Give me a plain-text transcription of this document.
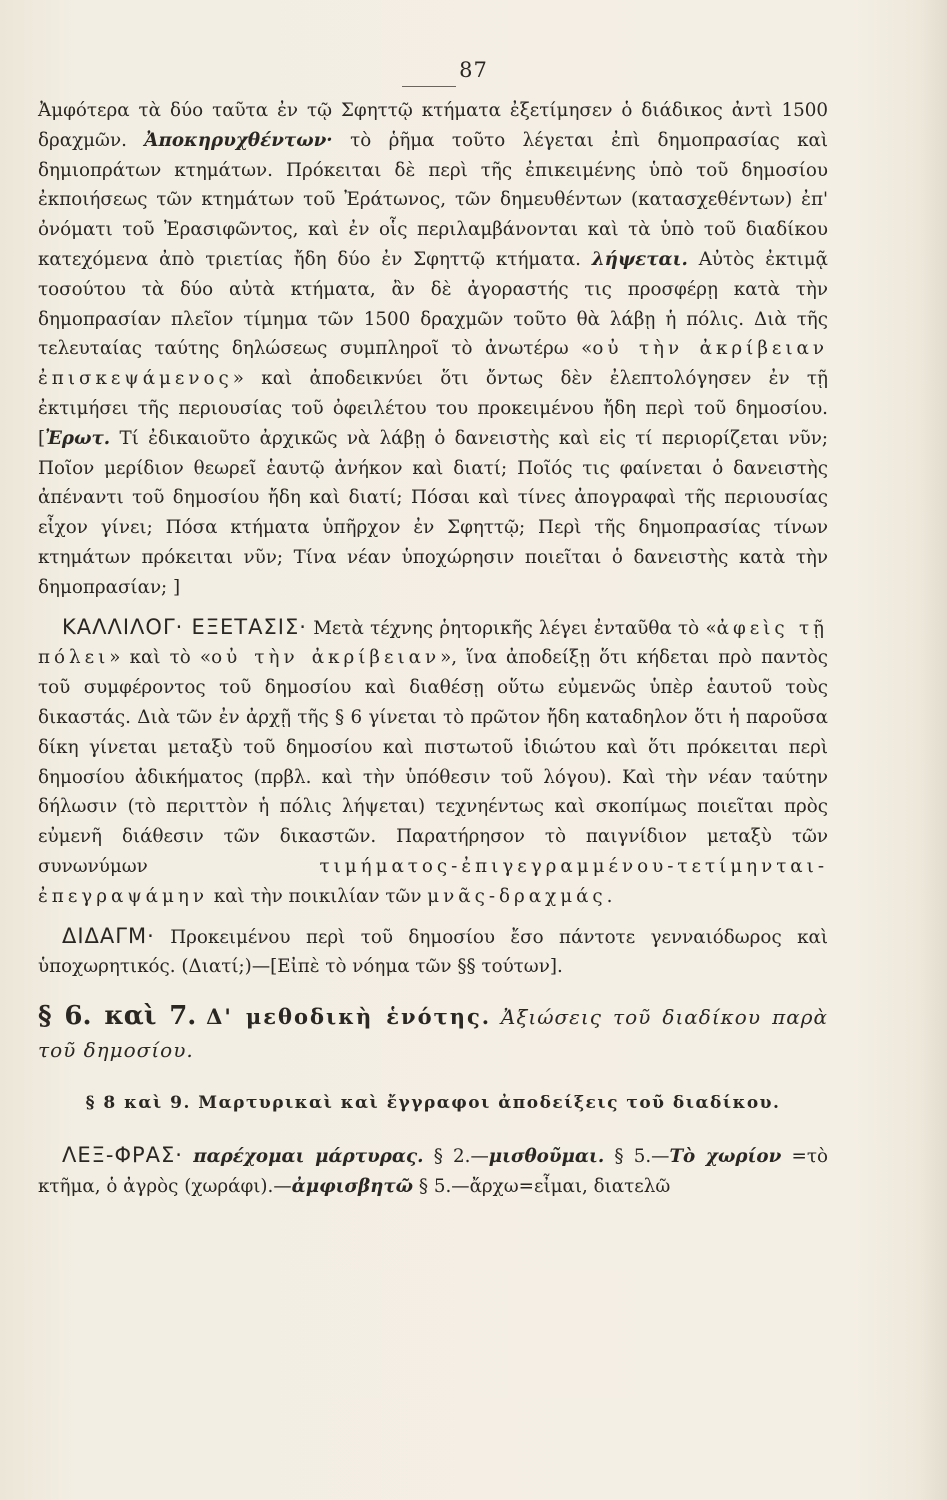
87

Ἀμφότερα τὰ δύο ταῦτα ἐν τῷ Σφηττῷ κτήματα ἐξετίμησεν ὁ διάδικος ἀντὶ 1500 δραχμῶν. Ἀποκηρυχθέντων· τὸ ῥῆμα τοῦτο λέγεται ἐπὶ δημοπρασίας καὶ δημιοπράτων κτημάτων. Πρόκειται δὲ περὶ τῆς ἐπικειμένης ὑπὸ τοῦ δημοσίου ἐκποιήσεως τῶν κτημάτων τοῦ Ἐράτωνος, τῶν δημευθέντων (κατασχεθέντων) ἐπ' ὀνόματι τοῦ Ἐρασιφῶντος, καὶ ἐν οἷς περιλαμβάνονται καὶ τὰ ὑπὸ τοῦ διαδίκου κατεχόμενα ἀπὸ τριετίας ἤδη δύο ἐν Σφηττῷ κτήματα. λήψεται. Αὐτὸς ἐκτιμᾷ τοσούτου τὰ δύο αὐτὰ κτήματα, ἂν δὲ ἀγοραστής τις προσφέρῃ κατὰ τὴν δημοπρασίαν πλεῖον τίμημα τῶν 1500 δραχμῶν τοῦτο θὰ λάβῃ ἡ πόλις. Διὰ τῆς τελευταίας ταύτης δηλώσεως συμπληροῖ τὸ ἀνωτέρω «οὐ τὴν ἀκρίβειαν ἐπισκεψάμενος» καὶ ἀποδεικνύει ὅτι ὄντως δὲν ἐλεπτολόγησεν ἐν τῇ ἐκτιμήσει τῆς περιουσίας τοῦ ὀφειλέτου του προκειμένου ἤδη περὶ τοῦ δημοσίου. [Ἐρωτ. Τί ἐδικαιοῦτο ἀρχικῶς νὰ λάβῃ ὁ δανειστὴς καὶ εἰς τί περιορίζεται νῦν; Ποῖον μερίδιον θεωρεῖ ἑαυτῷ ἀνήκον καὶ διατί; Ποῖός τις φαίνεται ὁ δανειστὴς ἀπέναντι τοῦ δημοσίου ἤδη καὶ διατί; Πόσαι καὶ τίνες ἀπογραφαὶ τῆς περιουσίας εἶχον γίνει; Πόσα κτήματα ὑπῆρχον ἐν Σφηττῷ; Περὶ τῆς δημοπρασίας τίνων κτημάτων πρόκειται νῦν; Τίνα νέαν ὑποχώρησιν ποιεῖται ὁ δανειστὴς κατὰ τὴν δημοπρασίαν; ]

ΚΑΛΛΙΛΟΓ· ΕΞΕΤΑΣΙΣ· Μετὰ τέχνης ῥητορικῆς λέγει ἐνταῦθα τὸ «ἀφεὶς τῇ πόλει» καὶ τὸ «οὐ τὴν ἀκρίβειαν», ἵνα ἀποδείξῃ ὅτι κήδεται πρὸ παντὸς τοῦ συμφέροντος τοῦ δημοσίου καὶ διαθέσῃ οὕτω εὐμενῶς ὑπὲρ ἑαυτοῦ τοὺς δικαστάς. Διὰ τῶν ἐν ἀρχῇ τῆς § 6 γίνεται τὸ πρῶτον ἤδη καταδηλον ὅτι ἡ παροῦσα δίκη γίνεται μεταξὺ τοῦ δημοσίου καὶ πιστωτοῦ ἰδιώτου καὶ ὅτι πρόκειται περὶ δημοσίου ἀδικήματος (πρβλ. καὶ τὴν ὑπόθεσιν τοῦ λόγου). Καὶ τὴν νέαν ταύτην δήλωσιν (τὸ περιττὸν ἡ πόλις λήψεται) τεχνηέντως καὶ σκοπίμως ποιεῖται πρὸς εὐμενῆ διάθεσιν τῶν δικαστῶν. Παρατήρησον τὸ παιγνίδιον μεταξὺ τῶν συνωνύμων	τιμήματος-ἐπιγεγραμμένου-τετίμηνται-ἐπεγραψάμην καὶ τὴν ποικιλίαν τῶν μνᾶς-δραχμάς.

ΔΙΔΑΓΜ· Προκειμένου περὶ τοῦ δημοσίου ἔσο πάντοτε γενναιόδωρος καὶ ὑποχωρητικός. (Διατί;)—[Εἰπὲ τὸ νόημα τῶν §§ τούτων].

§ 6. καὶ 7. Δ' μεθοδικὴ ἑνότης. Ἀξιώσεις τοῦ διαδίκου παρὰ τοῦ δημοσίου.

§ 8 καὶ 9. Μαρτυρικαὶ καὶ ἔγγραφοι ἀποδείξεις τοῦ διαδίκου.

ΛΕΞ-ΦΡΑΣ· παρέχομαι μάρτυρας. § 2.—μισθοῦμαι. § 5.—Τὸ χωρίον =τὸ κτῆμα, ὁ ἀγρὸς (χωράφι).—ἀμφισβητῶ § 5.—ἄρχω=εἶμαι, διατελῶ
